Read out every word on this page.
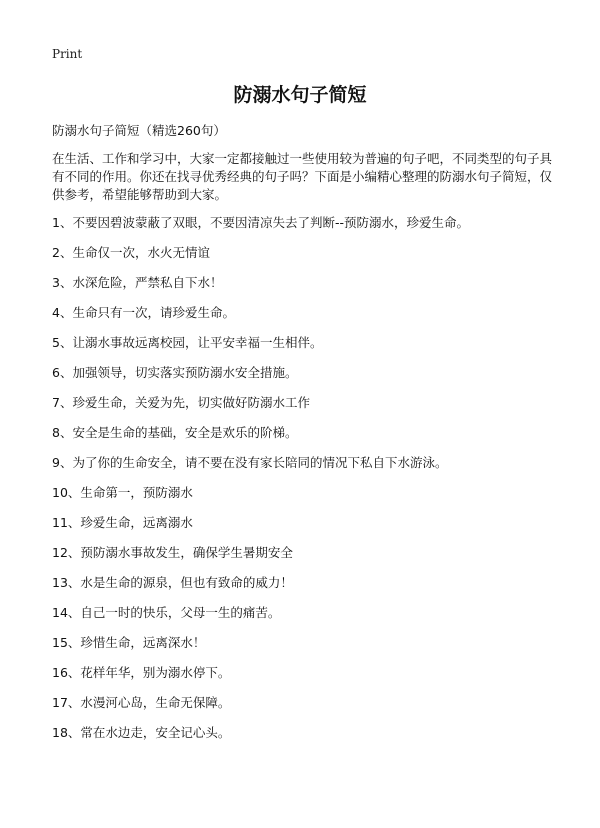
Print
防溺水句子简短

防溺水句子简短（精选260句）

在生活、工作和学习中，大家一定都接触过一些使用较为普遍的句子吧，不同类型的句子具有不同的作用。你还在找寻优秀经典的句子吗？下面是小编精心整理的防溺水句子简短，仅供参考，希望能够帮助到大家。

1、不要因碧波蒙蔽了双眼，不要因清凉失去了判断--预防溺水，珍爱生命。
2、生命仅一次，水火无情谊
3、水深危险，严禁私自下水！
4、生命只有一次，请珍爱生命。
5、让溺水事故远离校园，让平安幸福一生相伴。
6、加强领导，切实落实预防溺水安全措施。
7、珍爱生命，关爱为先，切实做好防溺水工作
8、安全是生命的基础，安全是欢乐的阶梯。
9、为了你的生命安全，请不要在没有家长陪同的情况下私自下水游泳。
10、生命第一，预防溺水
11、珍爱生命，远离溺水
12、预防溺水事故发生，确保学生暑期安全
13、水是生命的源泉，但也有致命的威力！
14、自己一时的快乐，父母一生的痛苦。
15、珍惜生命，远离深水！
16、花样年华，别为溺水停下。
17、水漫河心岛，生命无保障。
18、常在水边走，安全记心头。
